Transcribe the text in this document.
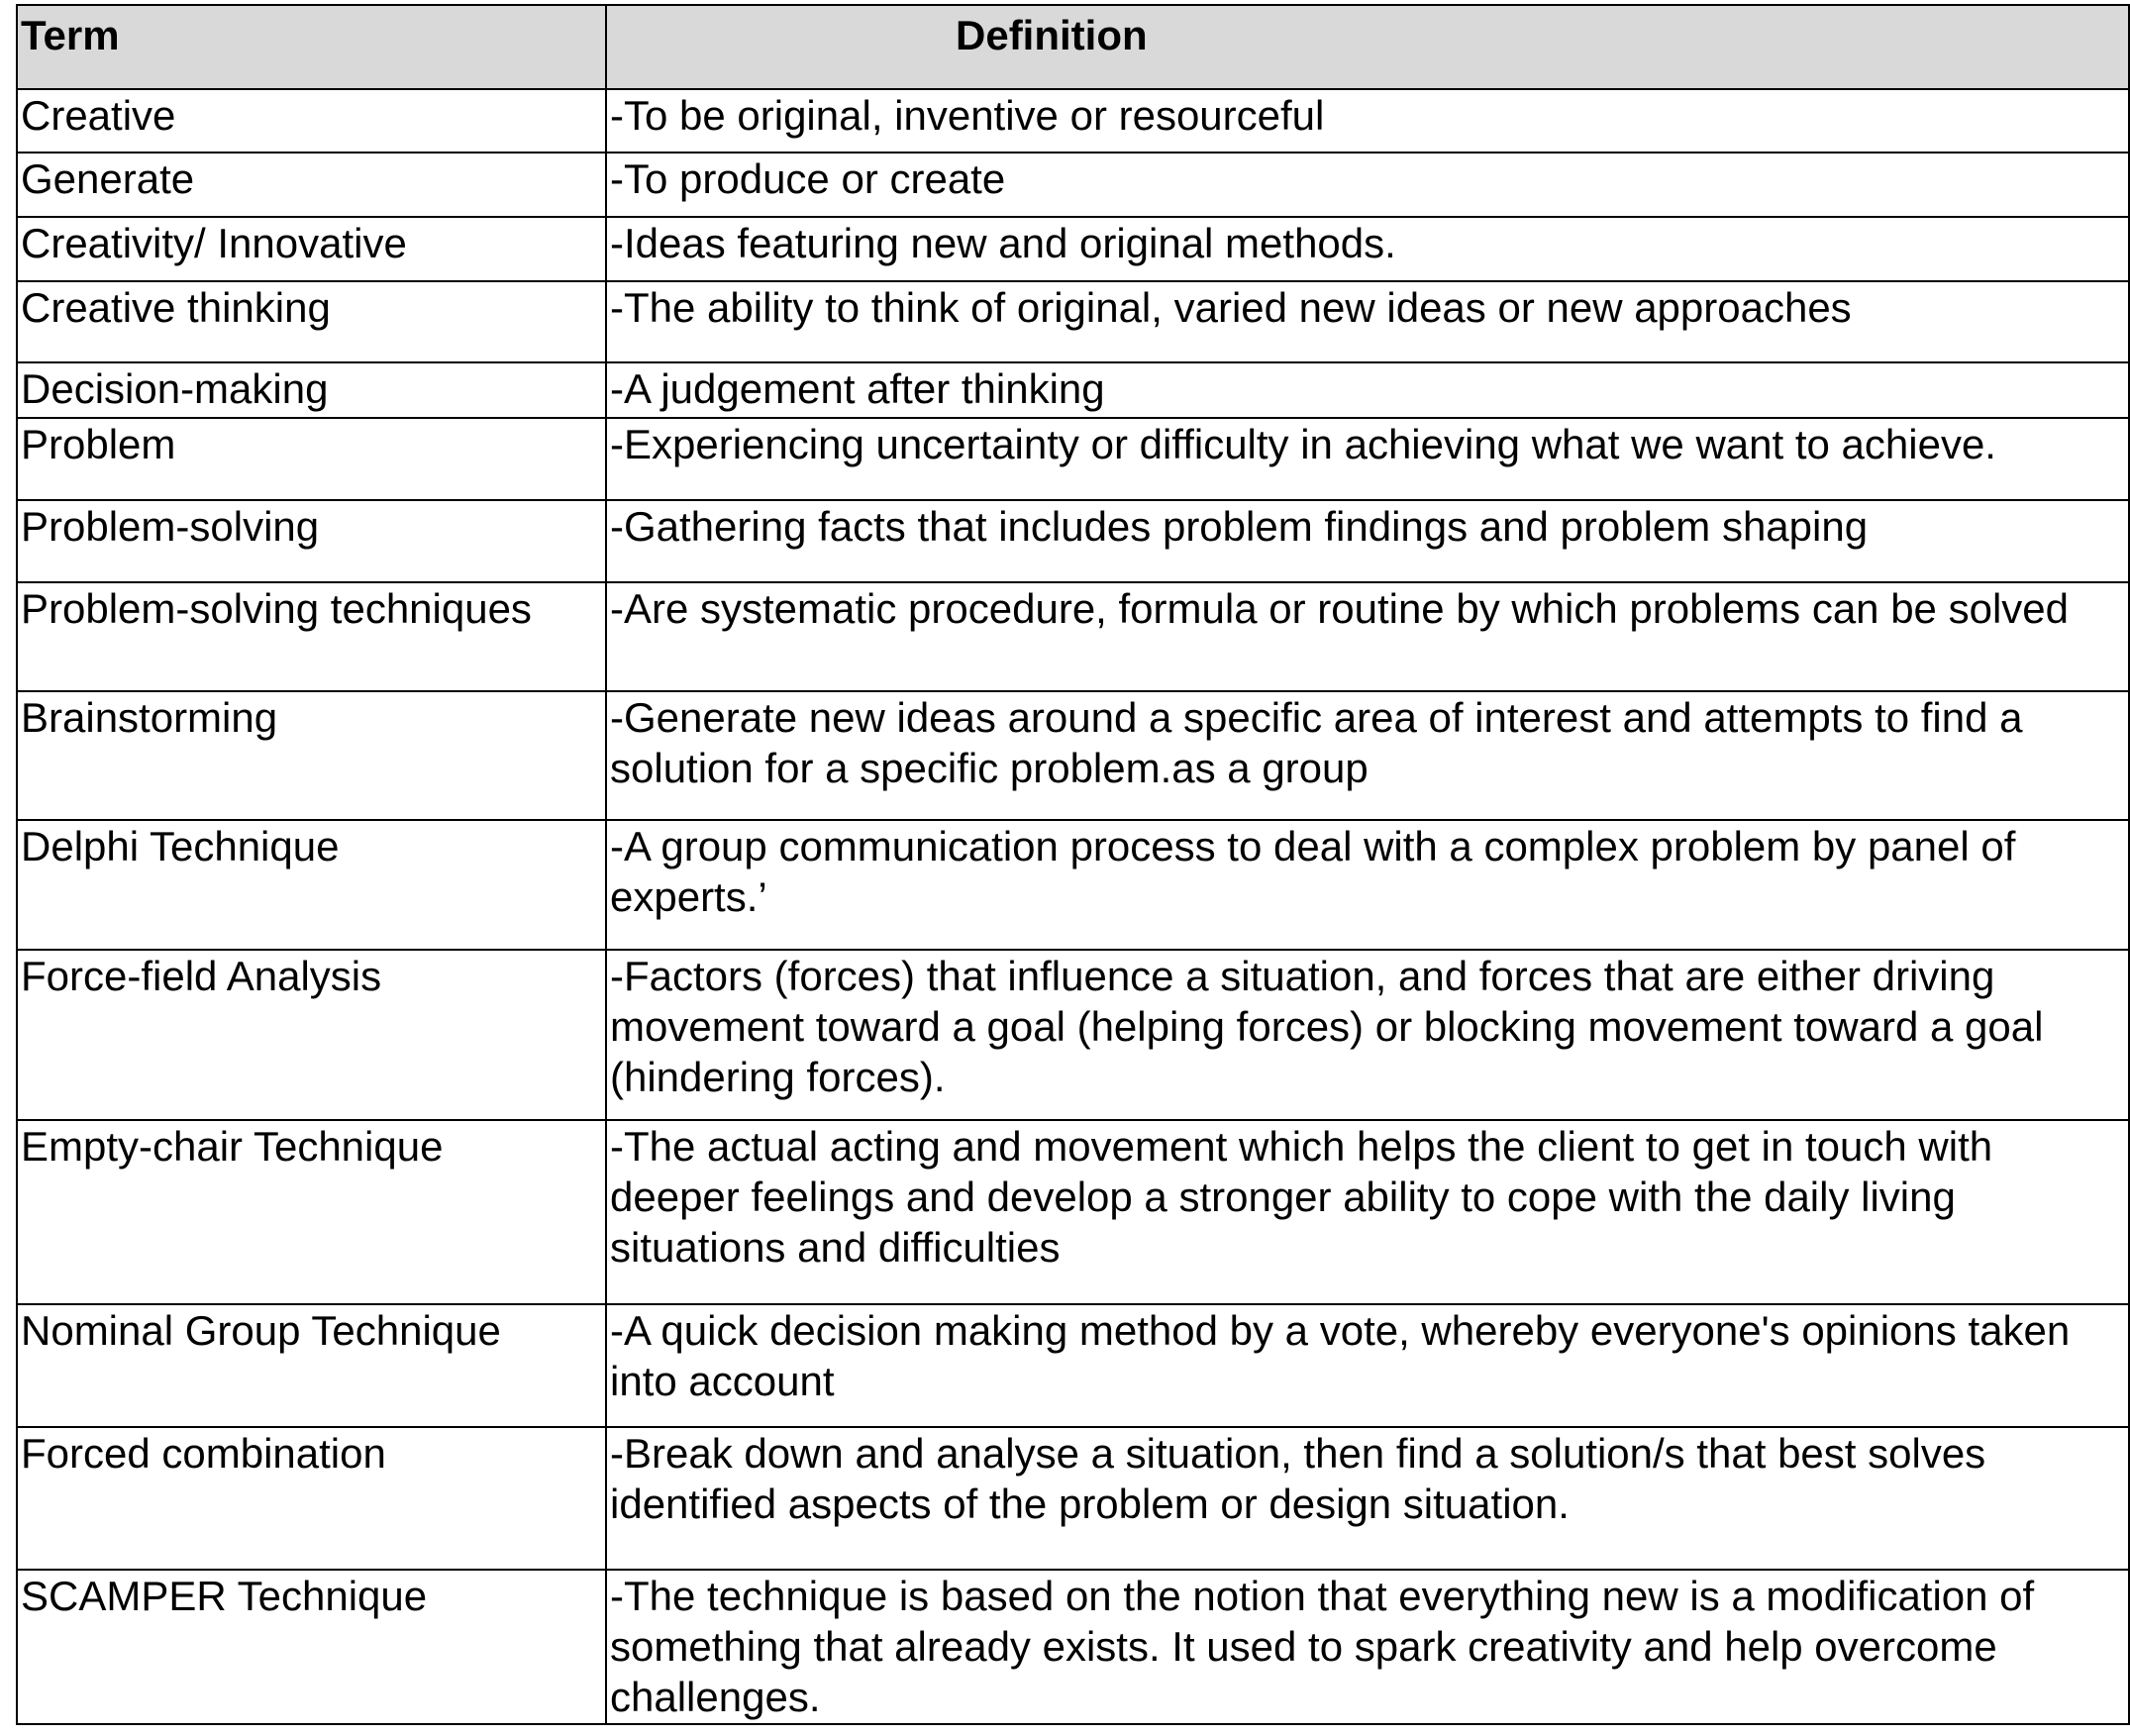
Term	Definition
Creative	-To be original, inventive or resourceful
Generate	-To produce or create
Creativity/ Innovative	-Ideas featuring new and original methods.
Creative thinking	-The ability to think of original, varied new ideas or new approaches
Decision-making	-A judgement after thinking
Problem	-Experiencing uncertainty or difficulty in achieving what we want to achieve.
Problem-solving	-Gathering facts that includes problem findings and problem shaping
Problem-solving techniques	-Are systematic procedure, formula or routine by which problems can be solved
Brainstorming	-Generate new ideas around a specific area of interest and attempts to find a solution for a specific problem.as a group
Delphi Technique	-A group communication process to deal with a complex problem by panel of experts.’
Force-field Analysis	-Factors (forces) that influence a situation, and forces that are either driving movement toward a goal (helping forces) or blocking movement toward a goal (hindering forces).
Empty-chair Technique	-The actual acting and movement which helps the client to get in touch with deeper feelings and develop a stronger ability to cope with the daily living situations and difficulties
Nominal Group Technique	-A quick decision making method by a vote, whereby everyone's opinions taken into account
Forced combination	-Break down and analyse a situation, then find a solution/s that best solves identified aspects of the problem or design situation.
SCAMPER Technique	-The technique is based on the notion that everything new is a modification of something that already exists. It used to spark creativity and help overcome challenges.
